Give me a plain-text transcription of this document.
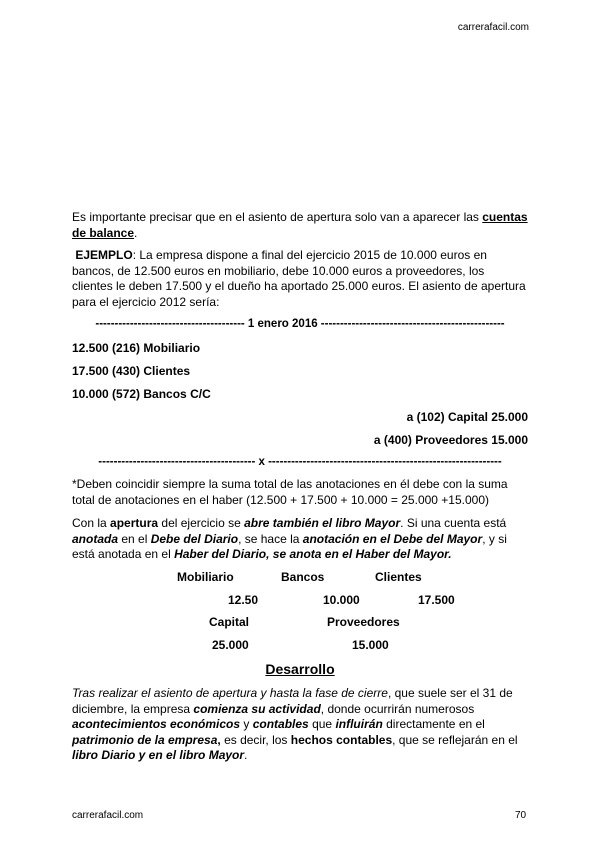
carrerafacil.com
Es importante precisar que en el asiento de apertura solo van a aparecer las cuentas de balance.
EJEMPLO: La empresa dispone a final del ejercicio 2015 de 10.000 euros en bancos, de 12.500 euros en mobiliario, debe 10.000 euros a proveedores, los clientes le deben 17.500 y el dueño ha aportado 25.000 euros. El asiento de apertura para el ejercicio 2012 sería:
--------------------------------------- 1 enero 2016 ------------------------------------------------
12.500 (216) Mobiliario
17.500 (430) Clientes
10.000 (572) Bancos C/C
a (102) Capital 25.000
a (400) Proveedores 15.000
----------------------------------------- x -------------------------------------------------------------
*Deben coincidir siempre la suma total de las anotaciones en él debe con la suma total de anotaciones en el haber (12.500 + 17.500 + 10.000 = 25.000 +15.000)
Con la apertura del ejercicio se abre también el libro Mayor. Si una cuenta está anotada en el Debe del Diario, se hace la anotación en el Debe del Mayor, y si está anotada en el Haber del Diario, se anota en el Haber del Mayor.
Mobiliario	Bancos	Clientes
12.50	10.000	17.500
Capital	Proveedores
25.000	15.000
Desarrollo
Tras realizar el asiento de apertura y hasta la fase de cierre, que suele ser el 31 de diciembre, la empresa comienza su actividad, donde ocurrirán numerosos acontecimientos económicos y contables que influirán directamente en el patrimonio de la empresa, es decir, los hechos contables, que se reflejarán en el libro Diario y en el libro Mayor.
carrerafacil.com	70
